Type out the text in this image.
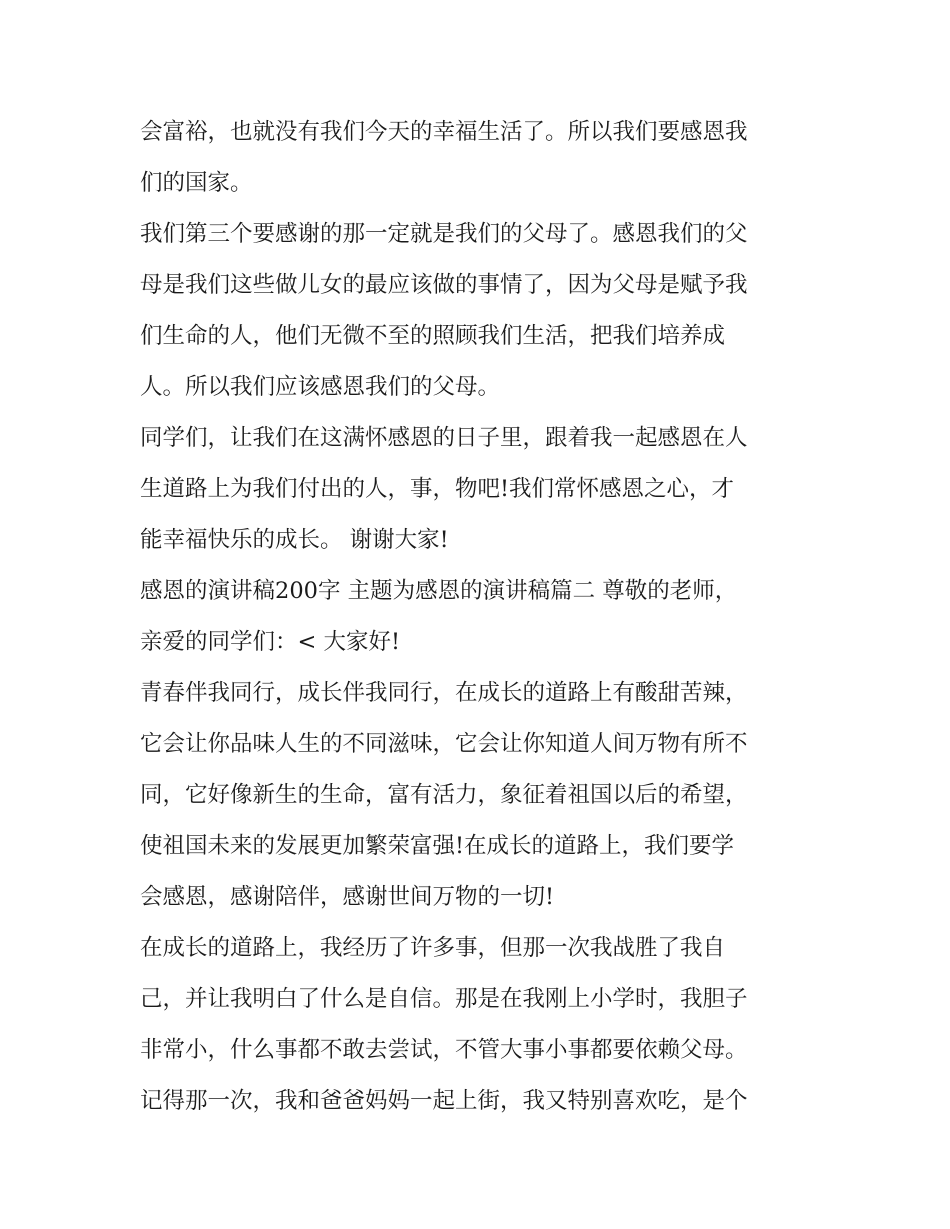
会富裕，也就没有我们今天的幸福生活了。所以我们要感恩我
们的国家。
我们第三个要感谢的那一定就是我们的父母了。感恩我们的父
母是我们这些做儿女的最应该做的事情了，因为父母是赋予我
们生命的人，他们无微不至的照顾我们生活，把我们培养成
人。所以我们应该感恩我们的父母。
同学们，让我们在这满怀感恩的日子里，跟着我一起感恩在人
生道路上为我们付出的人，事，物吧!我们常怀感恩之心，才
能幸福快乐的成长。 谢谢大家!
感恩的演讲稿200字 主题为感恩的演讲稿篇二 尊敬的老师，
亲爱的同学们：< 大家好!
青春伴我同行，成长伴我同行，在成长的道路上有酸甜苦辣，
它会让你品味人生的不同滋味，它会让你知道人间万物有所不
同，它好像新生的生命，富有活力，象征着祖国以后的希望，
使祖国未来的发展更加繁荣富强!在成长的道路上，我们要学
会感恩，感谢陪伴，感谢世间万物的一切!
在成长的道路上，我经历了许多事，但那一次我战胜了我自
己，并让我明白了什么是自信。那是在我刚上小学时，我胆子
非常小，什么事都不敢去尝试，不管大事小事都要依赖父母。
记得那一次，我和爸爸妈妈一起上街，我又特别喜欢吃，是个
